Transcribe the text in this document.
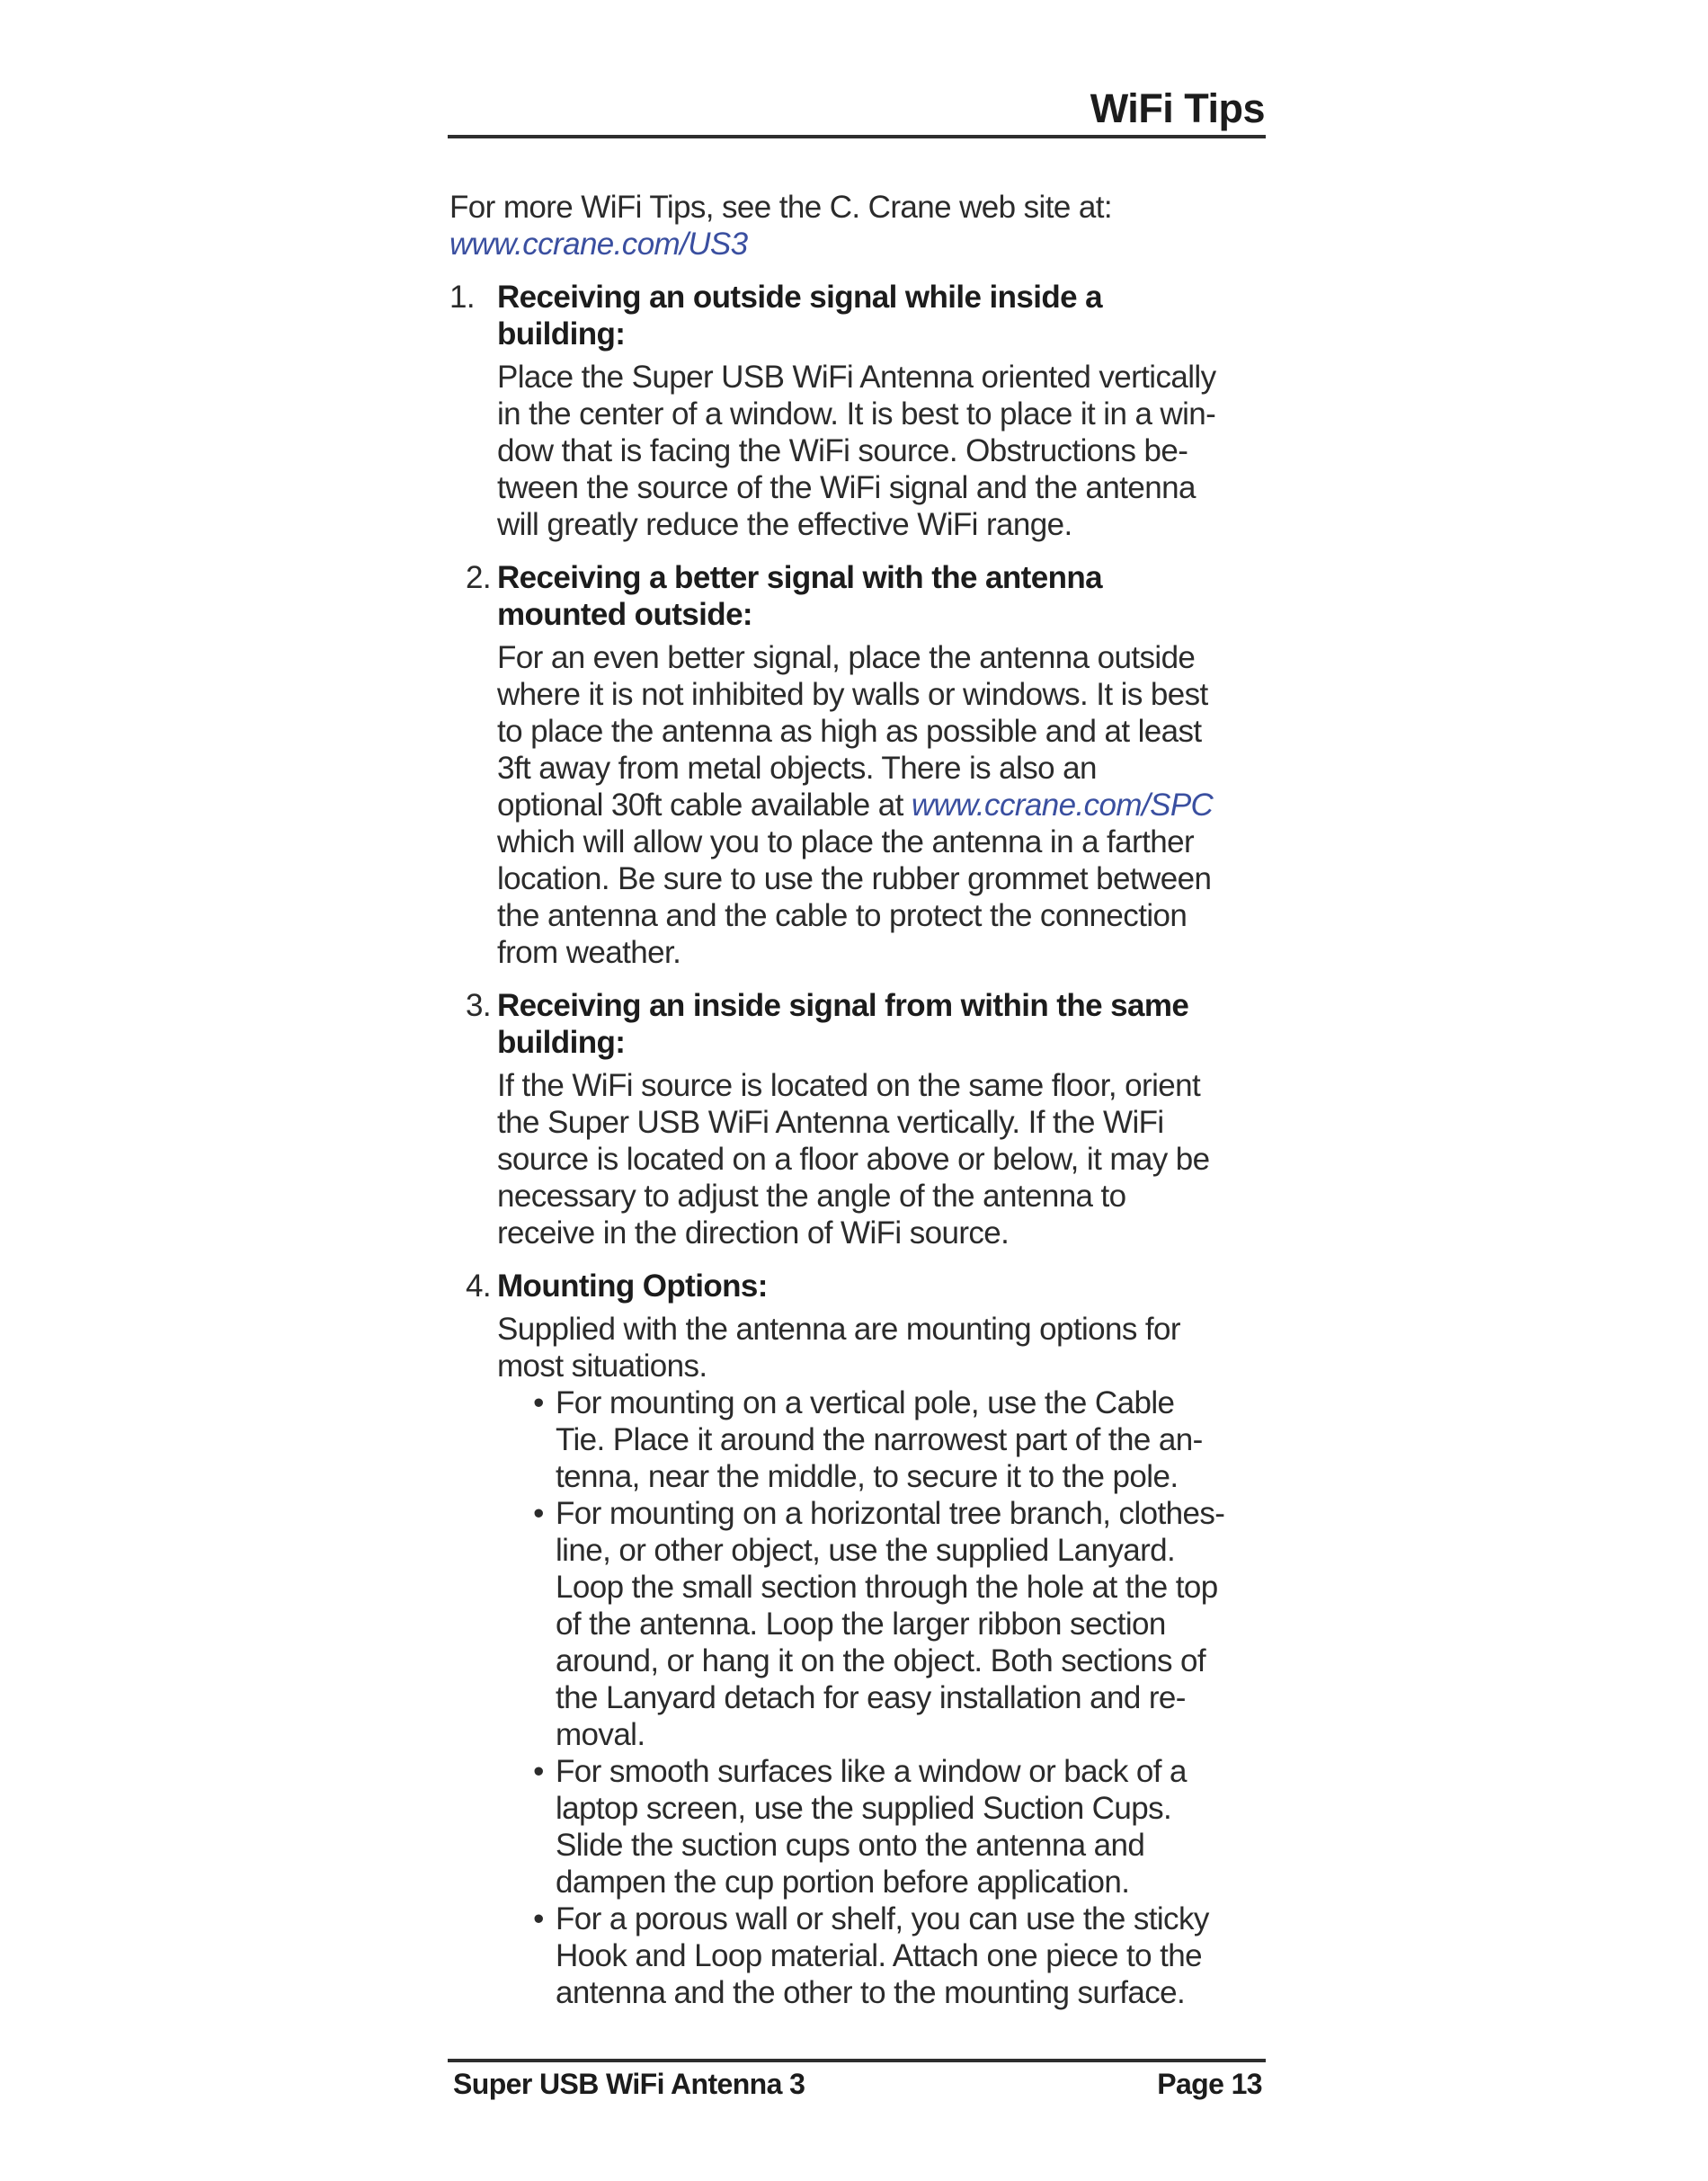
WiFi Tips
For more WiFi Tips, see the C. Crane web site at:
www.ccrane.com/US3
1. Receiving an outside signal while inside a
building:
Place the Super USB WiFi Antenna oriented vertically
in the center of a window. It is best to place it in a win-
dow that is facing the WiFi source. Obstructions be-
tween the source of the WiFi signal and the antenna
will greatly reduce the effective WiFi range.
2. Receiving a better signal with the antenna
mounted outside:
For an even better signal, place the antenna outside
where it is not inhibited by walls or windows. It is best
to place the antenna as high as possible and at least
3ft away from metal objects. There is also an
optional 30ft cable available at www.ccrane.com/SPC
which will allow you to place the antenna in a farther
location. Be sure to use the rubber grommet between
the antenna and the cable to protect the connection
from weather.
3. Receiving an inside signal from within the same
building:
If the WiFi source is located on the same floor, orient
the Super USB WiFi Antenna vertically. If the WiFi
source is located on a floor above or below, it may be
necessary to adjust the angle of the antenna to
receive in the direction of WiFi source.
4. Mounting Options:
Supplied with the antenna are mounting options for
most situations.
• For mounting on a vertical pole, use the Cable
Tie. Place it around the narrowest part of the an-
tenna, near the middle, to secure it to the pole.
• For mounting on a horizontal tree branch, clothes-
line, or other object, use the supplied Lanyard.
Loop the small section through the hole at the top
of the antenna. Loop the larger ribbon section
around, or hang it on the object. Both sections of
the Lanyard detach for easy installation and re-
moval.
• For smooth surfaces like a window or back of a
laptop screen, use the supplied Suction Cups.
Slide the suction cups onto the antenna and
dampen the cup portion before application.
• For a porous wall or shelf, you can use the sticky
Hook and Loop material. Attach one piece to the
antenna and the other to the mounting surface.
Super USB WiFi Antenna 3	Page 13
